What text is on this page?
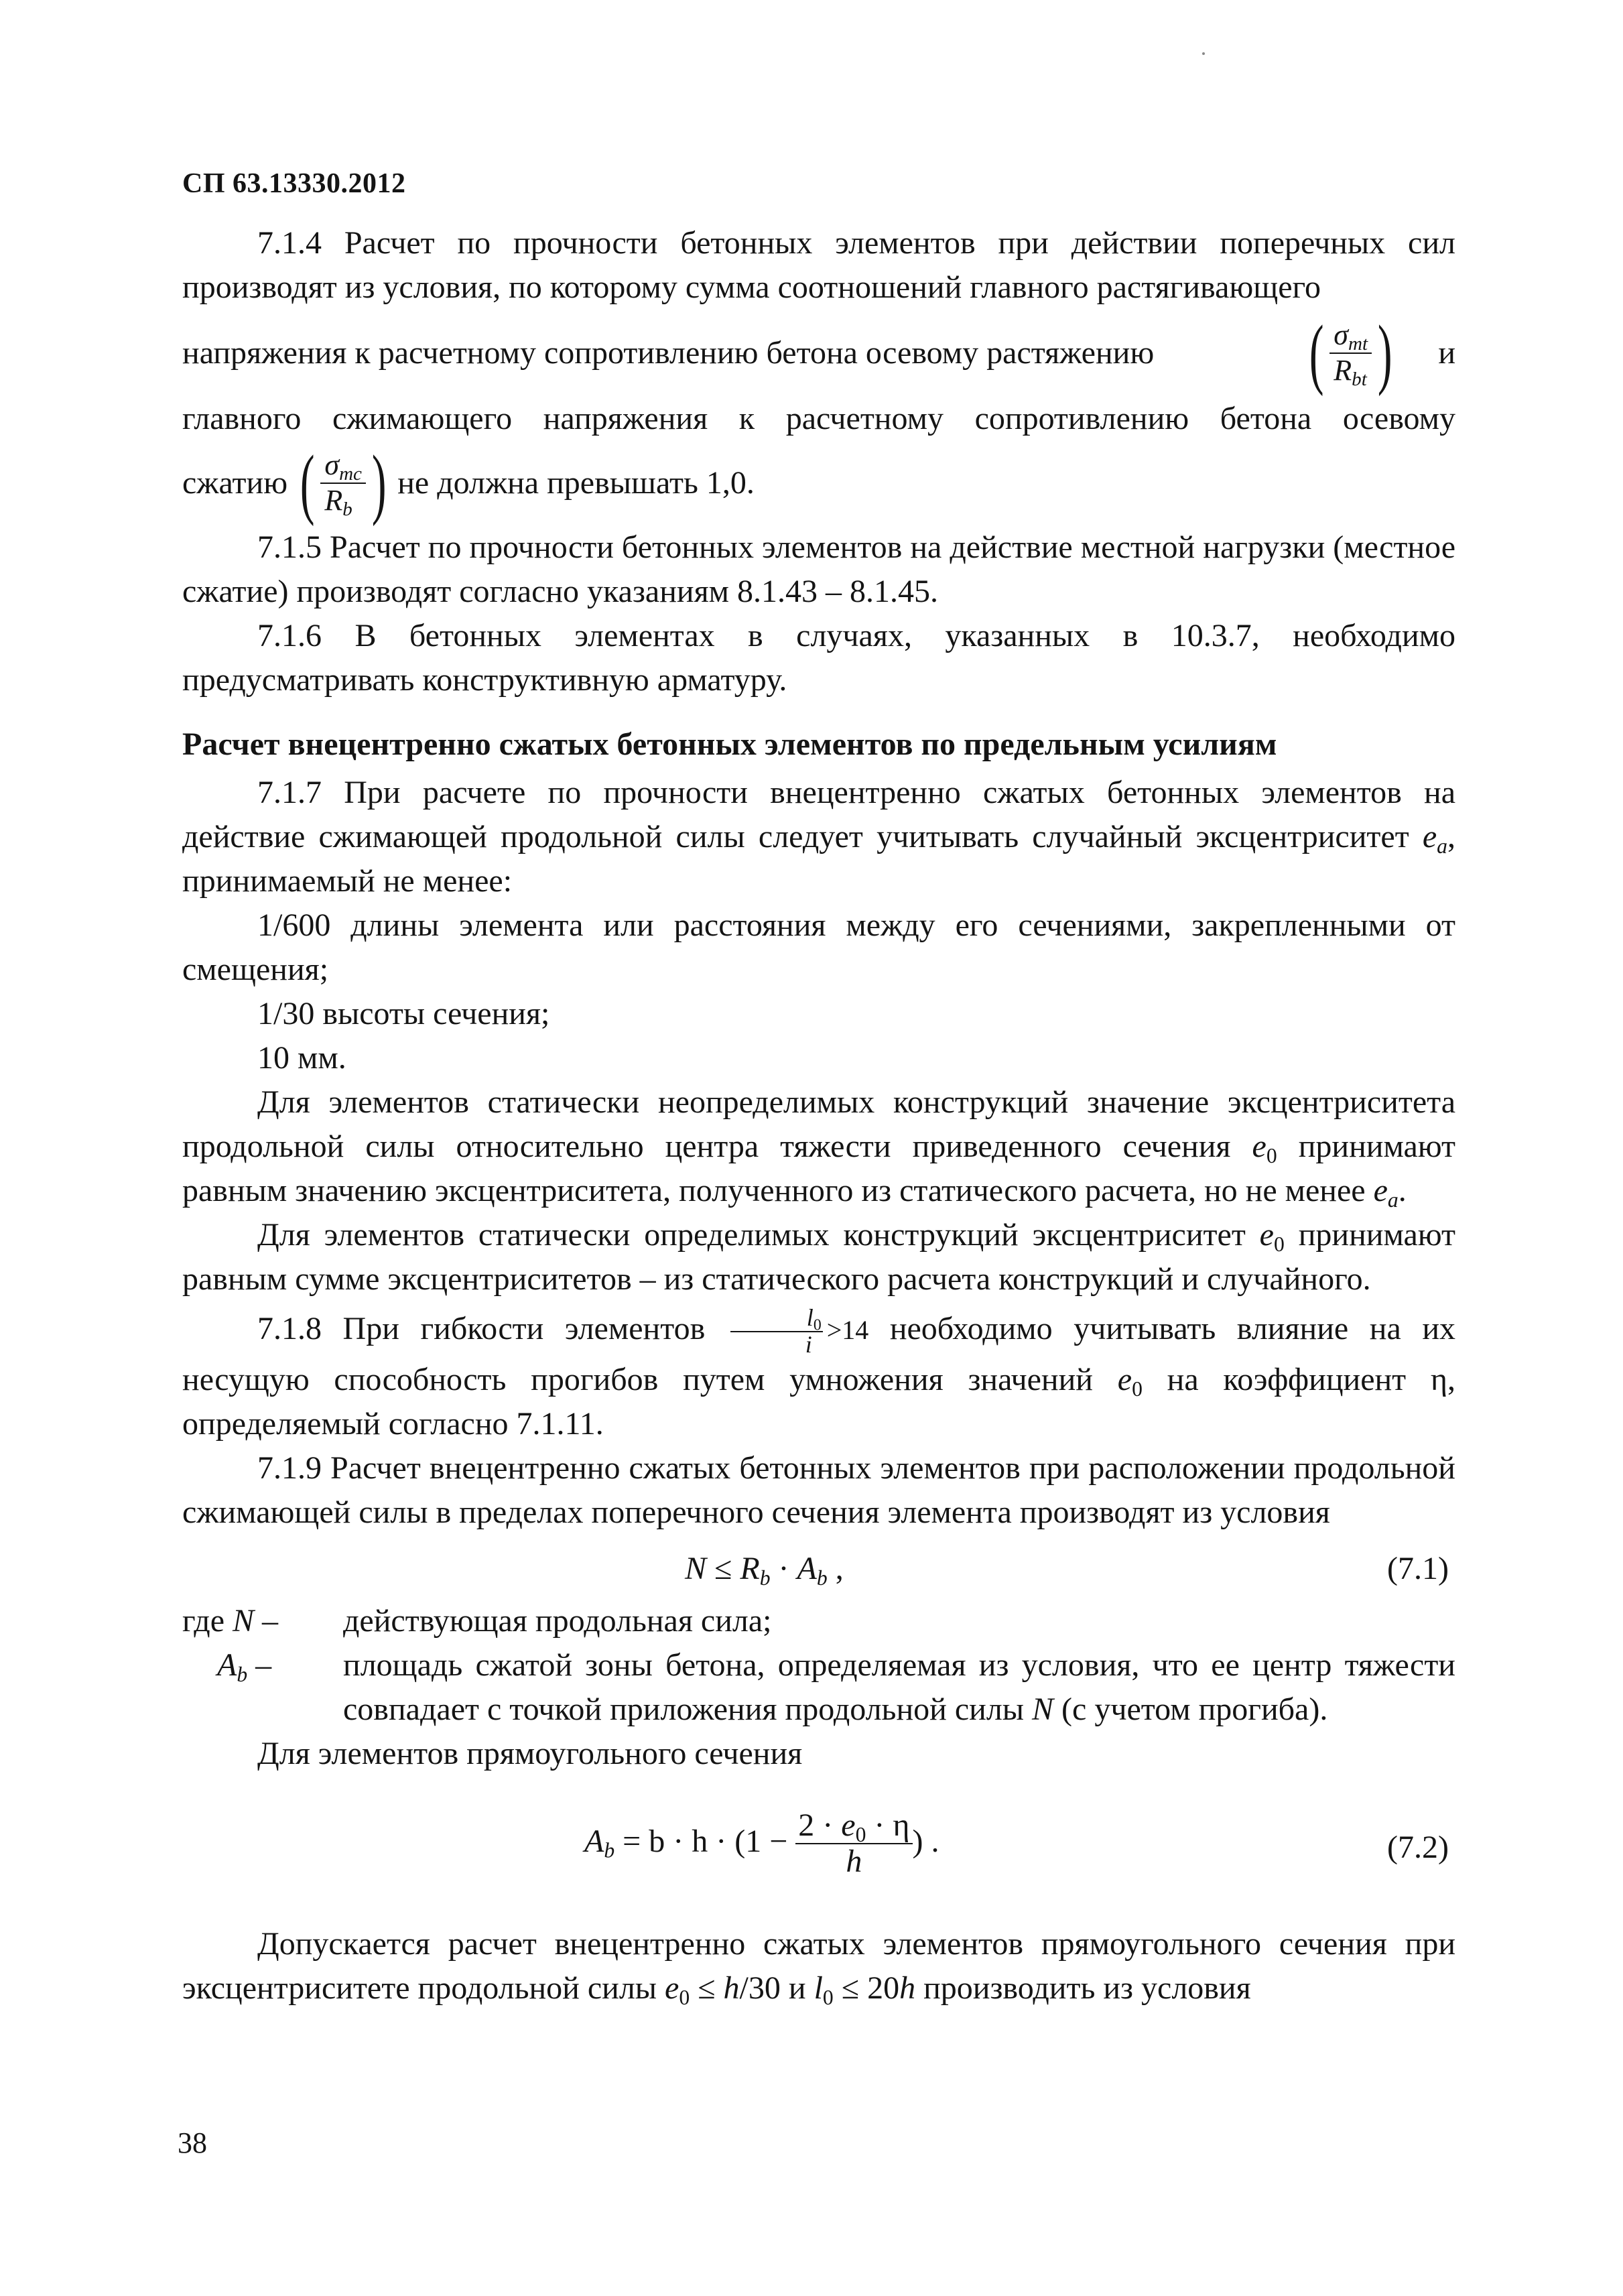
СП 63.13330.2012

7.1.4 Расчет по прочности бетонных элементов при действии поперечных сил производят из условия, по которому сумма соотношений главного растягивающего

напряжения к расчетному сопротивлению бетона осевому растяжению ( $\frac{\sigma_{mt}}{R_{bt}}$ ) и

главного сжимающего напряжения к расчетному сопротивлению бетона осевому

сжатию ( $\frac{\sigma_{mc}}{R_b}$ ) не должна превышать 1,0.

7.1.5 Расчет по прочности бетонных элементов на действие местной нагрузки (местное сжатие) производят согласно указаниям 8.1.43 – 8.1.45.

7.1.6 В бетонных элементах в случаях, указанных в 10.3.7, необходимо предусматривать конструктивную арматуру.

Расчет внецентренно сжатых бетонных элементов по предельным усилиям

7.1.7 При расчете по прочности внецентренно сжатых бетонных элементов на действие сжимающей продольной силы следует учитывать случайный эксцентриситет $e_a$, принимаемый не менее:

1/600 длины элемента или расстояния между его сечениями, закрепленными от смещения;

1/30 высоты сечения;

10 мм.

Для элементов статически неопределимых конструкций значение эксцентриситета продольной силы относительно центра тяжести приведенного сечения $e_0$ принимают равным значению эксцентриситета, полученного из статического расчета, но не менее $e_a$.

Для элементов статически определимых конструкций эксцентриситет $e_0$ принимают равным сумме эксцентриситетов – из статического расчета конструкций и случайного.

7.1.8 При гибкости элементов $\frac{l_0}{i} >14$ необходимо учитывать влияние на их несущую способность прогибов путем умножения значений $e_0$ на коэффициент η, определяемый согласно 7.1.11.

7.1.9 Расчет внецентренно сжатых бетонных элементов при расположении продольной сжимающей силы в пределах поперечного сечения элемента производят из условия

$N \le R_b \cdot A_b$ ,	(7.1)
где N –	действующая продольная сила;
$A_b$ –	площадь сжатой зоны бетона, определяемая из условия, что ее центр тяжести совпадает с точкой приложения продольной силы N (с учетом прогиба).

Для элементов прямоугольного сечения

$A_b = b \cdot h \cdot (1 - \frac{2 \cdot e_0 \cdot \eta}{h}$ ) .	(7.2)

Допускается расчет внецентренно сжатых элементов прямоугольного сечения при эксцентриситете продольной силы $e_0 \le h/30$ и $l_0 \le 20h$ производить из условия

38
